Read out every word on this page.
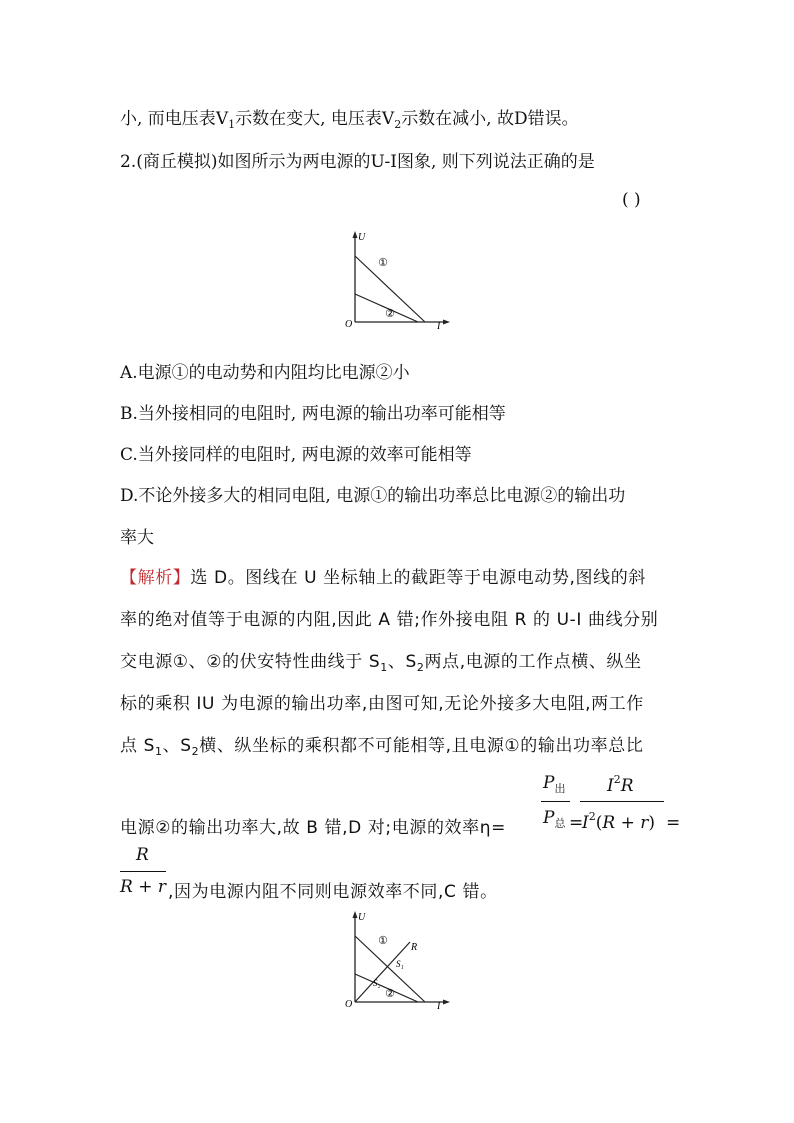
小, 而电压表$V_1$示数在变大, 电压表$V_2$示数在减小, 故D错误。
2.(商丘模拟)如图所示为两电源的U-I图象, 则下列说法正确的是
( )
U
I
O
①
②
A.电源①的电动势和内阻均比电源②小
B.当外接相同的电阻时, 两电源的输出功率可能相等
C.当外接同样的电阻时, 两电源的效率可能相等
D.不论外接多大的相同电阻, 电源①的输出功率总比电源②的输出功
率大
【解析】选 D。图线在 U 坐标轴上的截距等于电源电动势,图线的斜
率的绝对值等于电源的内阻,因此 A 错;作外接电阻 R 的 U-I 曲线分别
交电源①、②的伏安特性曲线于 $S_1$、$S_2$两点,电源的工作点横、纵坐
标的乘积 IU 为电源的输出功率,由图可知,无论外接多大电阻,两工作
点 $S_1$、$S_2$横、纵坐标的乘积都不可能相等,且电源①的输出功率总比
电源②的输出功率大,故 B 错,D 对;电源的效率η=
$P_出$
$P_总$ =
$I^2R$
$I^2(R + r)$ =
R
R + r ,因为电源内阻不同则电源效率不同,C 错。
U
I
O
①
②
R
S₁
S₂
